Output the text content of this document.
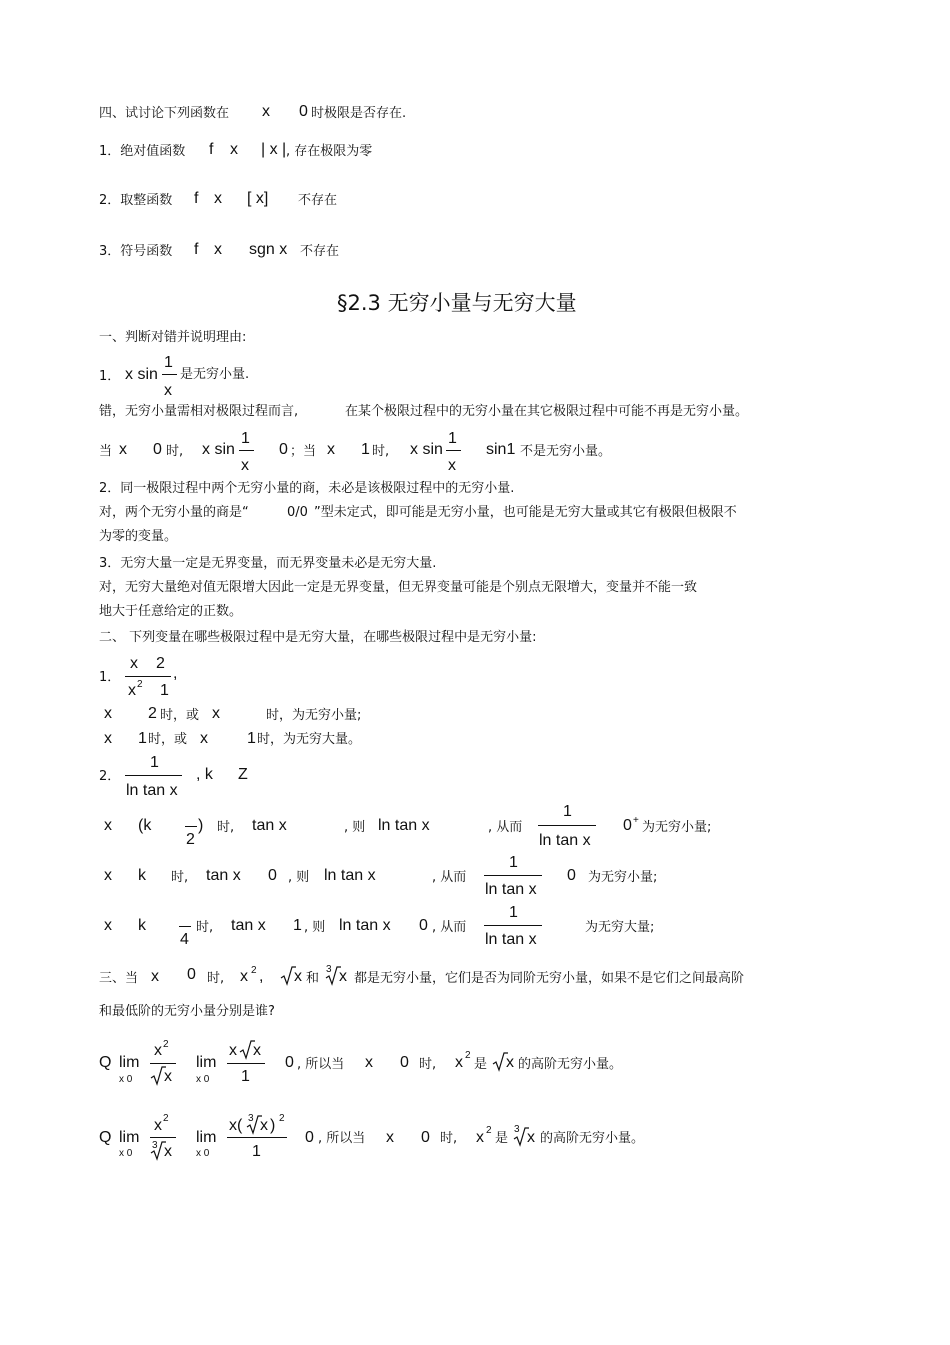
四、试讨论下列函数在 x 0 时极限是否存在.
1．绝对值函数 f x | x | , 存在极限为零
2．取整函数 f x [ x] 不存在
3．符号函数 f x sgn x 不存在
§2.3 无穷小量与无穷大量
一、判断对错并说明理由:
1． x sin
1
x
是无穷小量.
错，无穷小量需相对极限过程而言,	在某个极限过程中的无穷小量在其它极限过程中可能不再是无穷小量。
当 x 0 时, x sin
1
x
0 ；当 x 1 时, x sin
1
x
sin1 不是无穷小量。
2．同一极限过程中两个无穷小量的商，未必是该极限过程中的无穷小量.
对，两个无穷小量的商是“	0/0 ”型未定式，即可能是无穷小量，也可能是无穷大量或其它有极限但极限不
为零的变量。
3．无穷大量一定是无界变量，而无界变量未必是无穷大量.
对，无穷大量绝对值无限增大因此一定是无界变量，但无界变量可能是个别点无限增大，变量并不能一致
地大于任意给定的正数。
二、 下列变量在哪些极限过程中是无穷大量，在哪些极限过程中是无穷小量:
1．
x 2
x 2 1
,
x 2 时，或 x	时，为无穷小量;
x 1 时，或 x 1 时，为无穷大量。
2．
1
ln tan x
, k Z
x (k
2
) 时, tan x	, 则 ln tan x	, 从而
1
ln tan x
0 + 为无穷小量;
x k 时, tan x 0 , 则 ln tan x	, 从而
1
ln tan x
0 为无穷小量;
x k
4
时, tan x 1 , 则 ln tan x 0 , 从而
1
ln tan x
为无穷大量;
三、当 x 0 时, x 2 , x 和
3 x 都是无穷小量，它们是否为同阶无穷小量，如果不是它们之间最高阶
和最低阶的无穷小量分别是谁?
Q lim
x 0
x 2
x
lim
x 0
x x
1
0 , 所以当 x 0 时, x 2
是 x 的高阶无穷小量。
Q lim
x 0
x 2
3 x
lim
x 0
x( 3 x ) 2
1
0 , 所以当 x 0 时, x 2
是
3 x 的高阶无穷小量。
